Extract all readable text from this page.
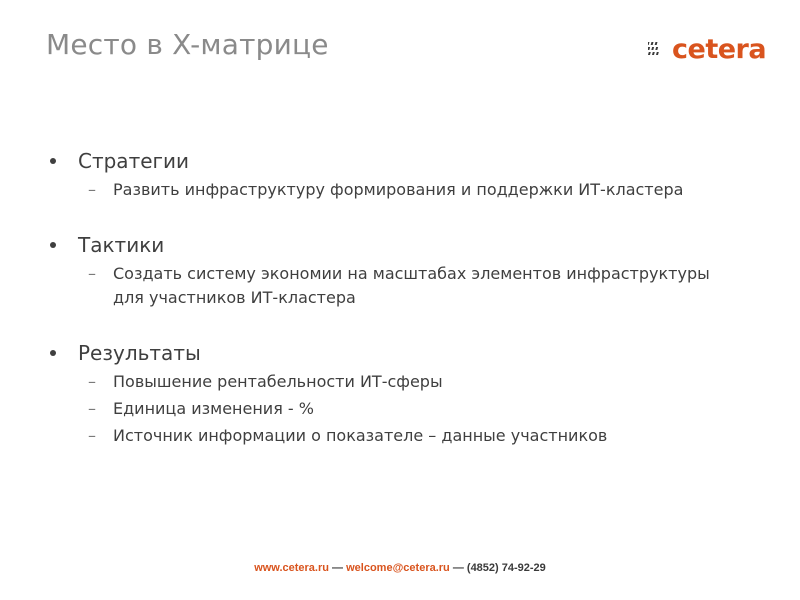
Место в X-матрице	cetera
Стратегии
–	Развить инфраструктуру формирования и поддержки ИТ-кластера
Тактики
–	Создать систему экономии на масштабах элементов инфраструктуры для участников ИТ-кластера
Результаты
–	Повышение рентабельности ИТ-сферы
–	Единица изменения - %
–	Источник информации о показателе – данные участников
www.cetera.ru — welcome@cetera.ru — (4852) 74-92-29
